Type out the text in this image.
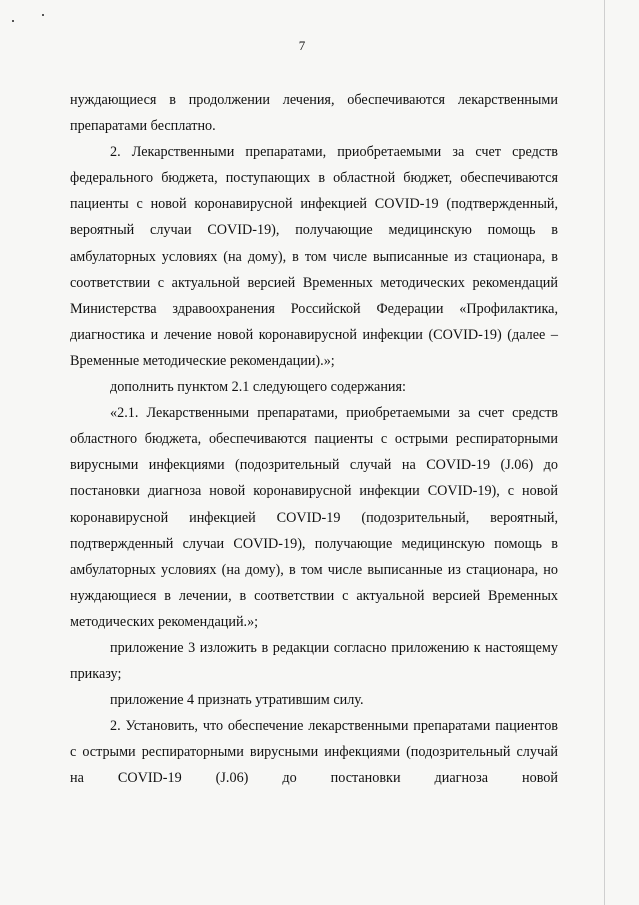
7

нуждающиеся в продолжении лечения, обеспечиваются лекарственными препаратами бесплатно.

2. Лекарственными препаратами, приобретаемыми за счет средств федерального бюджета, поступающих в областной бюджет, обеспечиваются пациенты с новой коронавирусной инфекцией COVID-19 (подтвержденный, вероятный случаи COVID-19), получающие медицинскую помощь в амбулаторных условиях (на дому), в том числе выписанные из стационара, в соответствии с актуальной версией Временных методических рекомендаций Министерства здравоохранения Российской Федерации «Профилактика, диагностика и лечение новой коронавирусной инфекции (COVID-19) (далее – Временные методические рекомендации).»;

дополнить пунктом 2.1 следующего содержания:

«2.1. Лекарственными препаратами, приобретаемыми за счет средств областного бюджета, обеспечиваются пациенты с острыми респираторными вирусными инфекциями (подозрительный случай на COVID-19 (J.06) до постановки диагноза новой коронавирусной инфекции COVID-19), с новой коронавирусной инфекцией COVID-19 (подозрительный, вероятный, подтвержденный случаи COVID-19), получающие медицинскую помощь в амбулаторных условиях (на дому), в том числе выписанные из стационара, но нуждающиеся в лечении, в соответствии с актуальной версией Временных методических рекомендаций.»;

приложение 3 изложить в редакции согласно приложению к настоящему приказу;

приложение 4 признать утратившим силу.

2. Установить, что обеспечение лекарственными препаратами пациентов с острыми респираторными вирусными инфекциями (подозрительный случай на COVID-19 (J.06) до постановки диагноза новой
